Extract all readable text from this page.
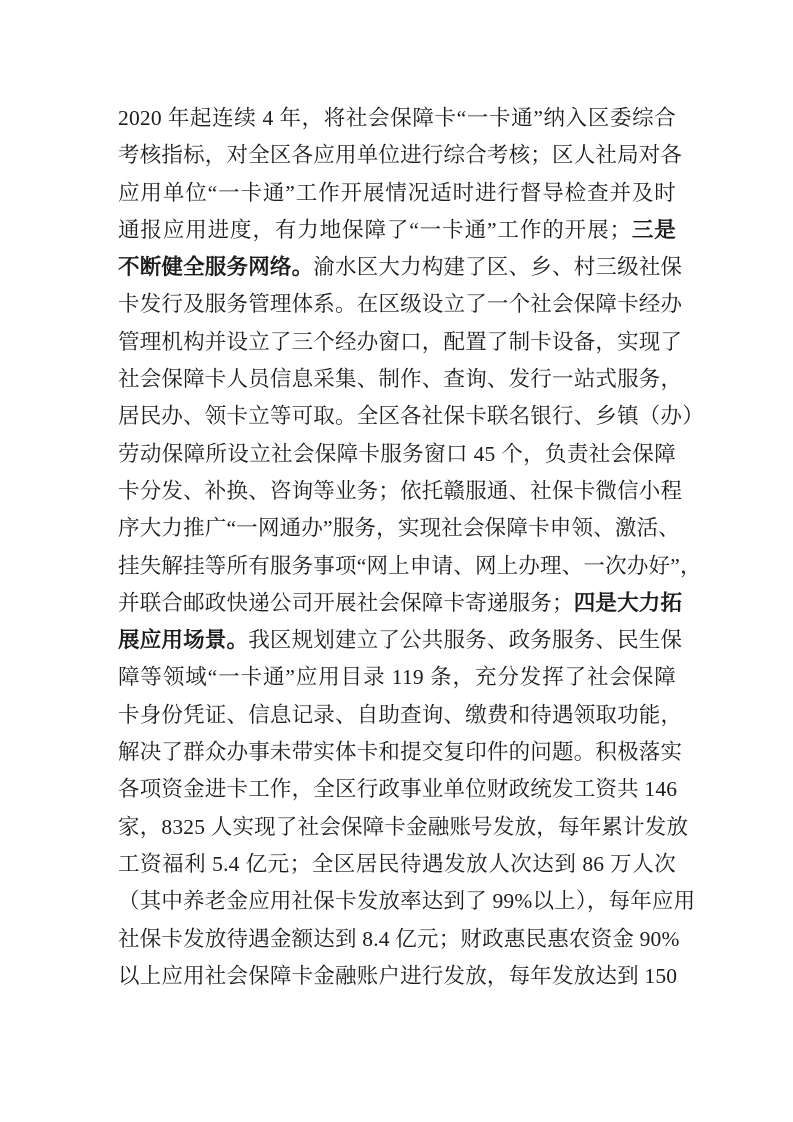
2020 年起连续 4 年，将社会保障卡“一卡通”纳入区委综合
考核指标，对全区各应用单位进行综合考核；区人社局对各
应用单位“一卡通”工作开展情况适时进行督导检查并及时
通报应用进度，有力地保障了“一卡通”工作的开展；三是
不断健全服务网络。渝水区大力构建了区、乡、村三级社保
卡发行及服务管理体系。在区级设立了一个社会保障卡经办
管理机构并设立了三个经办窗口，配置了制卡设备，实现了
社会保障卡人员信息采集、制作、查询、发行一站式服务，
居民办、领卡立等可取。全区各社保卡联名银行、乡镇（办）
劳动保障所设立社会保障卡服务窗口 45 个，负责社会保障
卡分发、补换、咨询等业务；依托赣服通、社保卡微信小程
序大力推广“一网通办”服务，实现社会保障卡申领、激活、
挂失解挂等所有服务事项“网上申请、网上办理、一次办好”，
并联合邮政快递公司开展社会保障卡寄递服务；四是大力拓
展应用场景。我区规划建立了公共服务、政务服务、民生保
障等领域“一卡通”应用目录 119 条，充分发挥了社会保障
卡身份凭证、信息记录、自助查询、缴费和待遇领取功能，
解决了群众办事未带实体卡和提交复印件的问题。积极落实
各项资金进卡工作，全区行政事业单位财政统发工资共 146
家，8325 人实现了社会保障卡金融账号发放，每年累计发放
工资福利 5.4 亿元；全区居民待遇发放人次达到 86 万人次
（其中养老金应用社保卡发放率达到了 99%以上），每年应用
社保卡发放待遇金额达到 8.4 亿元；财政惠民惠农资金 90%
以上应用社会保障卡金融账户进行发放，每年发放达到 150
